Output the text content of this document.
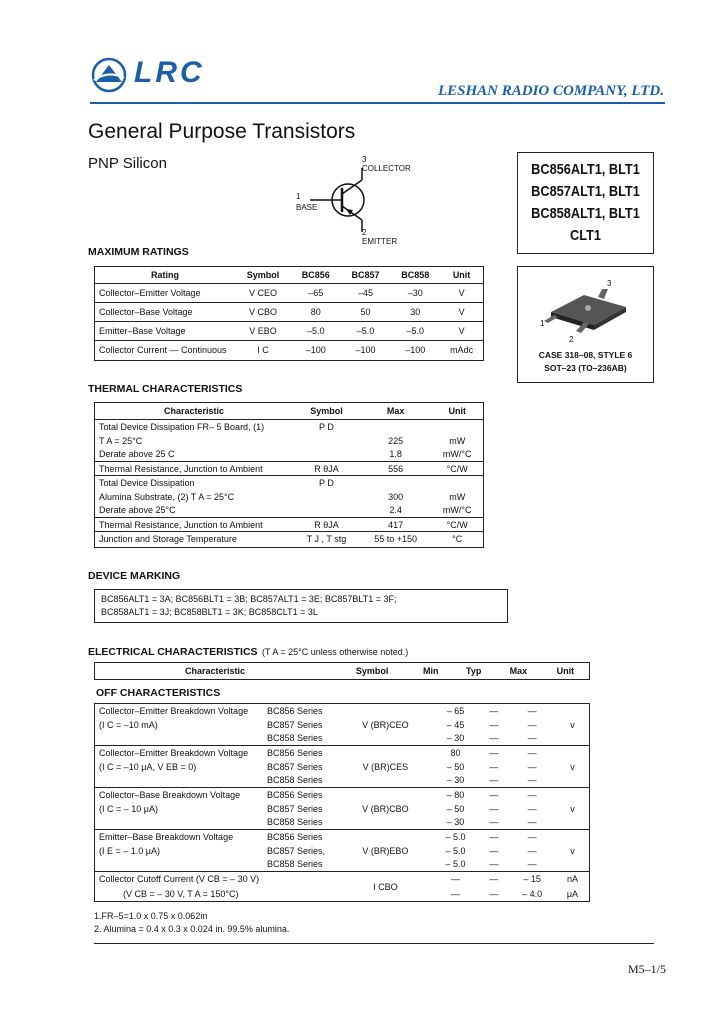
LRC
LESHAN RADIO COMPANY, LTD.
General Purpose Transistors
PNP Silicon	3
COLLECTOR
1
BASE
2
EMITTER
BC856ALT1, BLT1
BC857ALT1, BLT1
BC858ALT1, BLT1
CLT1
3
1
2
CASE 318–08, STYLE 6
SOT–23 (TO–236AB)
MAXIMUM RATINGS
Rating	Symbol	BC856	BC857	BC858	Unit
Collector–Emitter Voltage	V CEO	–65	–45	–30	V
Collector–Base Voltage	V CBO	80	50	30	V
Emitter–Base Voltage	V EBO	–5.0	–5.0	–5.0	V
Collector Current — Continuous	I C	–100	–100	–100	mAdc
THERMAL CHARACTERISTICS
Characteristic	Symbol	Max	Unit
Total Device Dissipation FR– 5 Board, (1)	P D		
T A = 25°C		225	mW
Derate above 25 C		1.8	mW/°C
Thermal Resistance, Junction to Ambient	R θJA	556	°C/W
Total Device Dissipation	P D		
Alumina Substrate, (2) T A = 25°C		300	mW
Derate above 25°C		2.4	mW/°C
Thermal Resistance, Junction to Ambient	R θJA	417	°C/W
Junction and Storage Temperature	T J , T stg	55 to +150	°C
DEVICE MARKING
BC856ALT1 = 3A; BC856BLT1 = 3B; BC857ALT1 = 3E; BC857BLT1 = 3F;
BC858ALT1 = 3J; BC858BLT1 = 3K; BC858CLT1 = 3L
ELECTRICAL CHARACTERISTICS (T A = 25°C unless otherwise noted.)
Characteristic	Symbol	Min	Typ	Max	Unit
OFF CHARACTERISTICS
Collector–Emitter Breakdown Voltage	BC856 Series	V (BR)CEO	– 65	—	—	v
(I C = –10 mA)	BC857 Series		– 45	—	—	
	BC858 Series		– 30	—	—	
Collector–Emitter Breakdown Voltage	BC856 Series	V (BR)CES	80	—	—	v
(I C = –10 μA, V EB = 0)	BC857 Series		– 50	—	—	
	BC858 Series		– 30	—	—	
Collector–Base Breakdown Voltage	BC856 Series	V (BR)CBO	– 80	—	—	v
(I C = – 10 μA)	BC857 Series		– 50	—	—	
	BC858 Series		– 30	—	—	
Emitter–Base Breakdown Voltage	BC856 Series	V (BR)EBO	– 5.0	—	—	v
(I E = – 1.0 μA)	BC857 Series,		– 5.0	—	—	
	BC858 Series		– 5.0	—	—	
Collector Cutoff Current (V CB = – 30 V)		I CBO	—	—	– 15	nA
(V CB = – 30 V, T A = 150°C)			—	—	– 4.0	μA
1.FR–5=1.0 x 0.75 x 0.062in
2. Alumina = 0.4 x 0.3 x 0.024 in. 99.5% alumina.
M5–1/5
